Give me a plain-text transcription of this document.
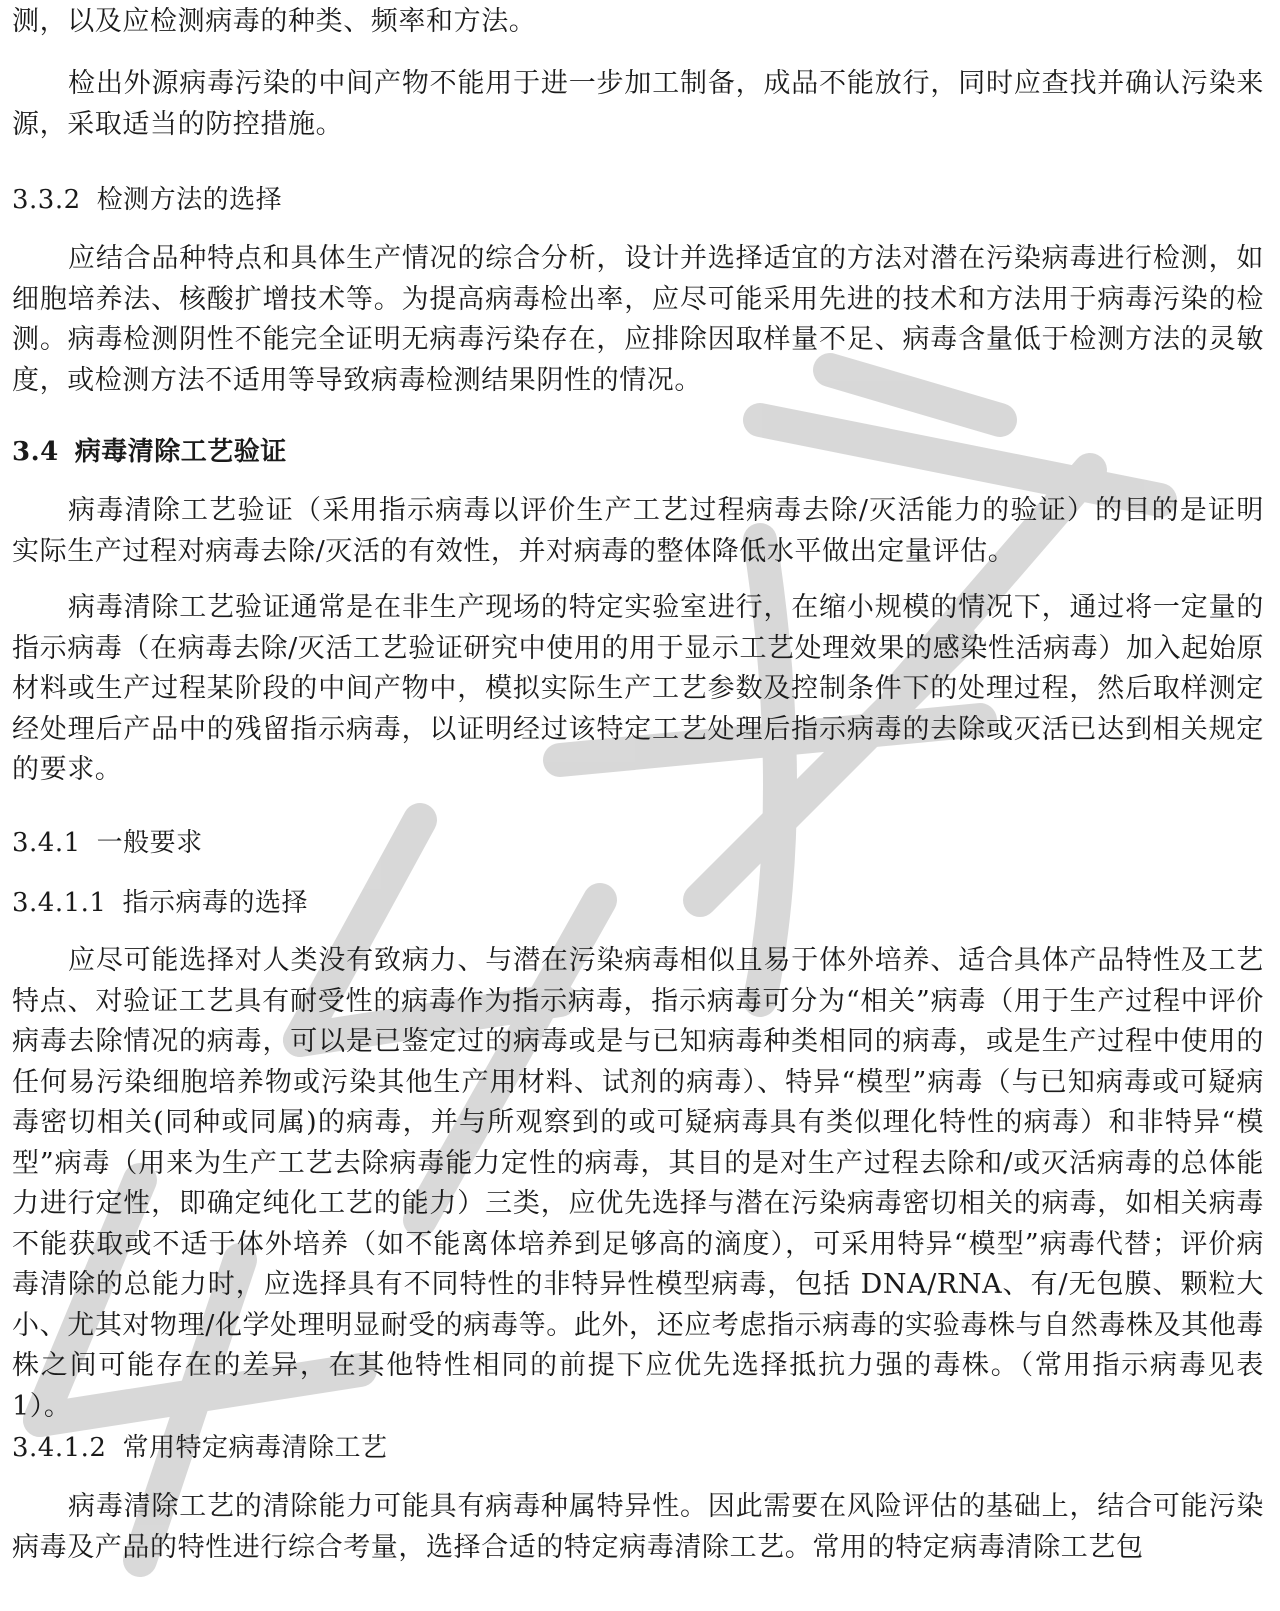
测，以及应检测病毒的种类、频率和方法。

检出外源病毒污染的中间产物不能用于进一步加工制备，成品不能放行，同时应查找并确认污染来源，采取适当的防控措施。

3.3.2 检测方法的选择

应结合品种特点和具体生产情况的综合分析，设计并选择适宜的方法对潜在污染病毒进行检测，如细胞培养法、核酸扩增技术等。为提高病毒检出率，应尽可能采用先进的技术和方法用于病毒污染的检测。病毒检测阴性不能完全证明无病毒污染存在，应排除因取样量不足、病毒含量低于检测方法的灵敏度，或检测方法不适用等导致病毒检测结果阴性的情况。

3.4 病毒清除工艺验证

病毒清除工艺验证（采用指示病毒以评价生产工艺过程病毒去除/灭活能力的验证）的目的是证明实际生产过程对病毒去除/灭活的有效性，并对病毒的整体降低水平做出定量评估。

病毒清除工艺验证通常是在非生产现场的特定实验室进行，在缩小规模的情况下，通过将一定量的指示病毒（在病毒去除/灭活工艺验证研究中使用的用于显示工艺处理效果的感染性活病毒）加入起始原材料或生产过程某阶段的中间产物中，模拟实际生产工艺参数及控制条件下的处理过程，然后取样测定经处理后产品中的残留指示病毒，以证明经过该特定工艺处理后指示病毒的去除或灭活已达到相关规定的要求。

3.4.1 一般要求
3.4.1.1 指示病毒的选择

应尽可能选择对人类没有致病力、与潜在污染病毒相似且易于体外培养、适合具体产品特性及工艺特点、对验证工艺具有耐受性的病毒作为指示病毒，指示病毒可分为“相关”病毒（用于生产过程中评价病毒去除情况的病毒，可以是已鉴定过的病毒或是与已知病毒种类相同的病毒，或是生产过程中使用的任何易污染细胞培养物或污染其他生产用材料、试剂的病毒）、特异“模型”病毒（与已知病毒或可疑病毒密切相关(同种或同属)的病毒，并与所观察到的或可疑病毒具有类似理化特性的病毒）和非特异“模型”病毒（用来为生产工艺去除病毒能力定性的病毒，其目的是对生产过程去除和/或灭活病毒的总体能力进行定性，即确定纯化工艺的能力）三类，应优先选择与潜在污染病毒密切相关的病毒，如相关病毒不能获取或不适于体外培养（如不能离体培养到足够高的滴度），可采用特异“模型”病毒代替；评价病毒清除的总能力时，应选择具有不同特性的非特异性模型病毒，包括 DNA/RNA、有/无包膜、颗粒大小、尤其对物理/化学处理明显耐受的病毒等。此外，还应考虑指示病毒的实验毒株与自然毒株及其他毒株之间可能存在的差异，在其他特性相同的前提下应优先选择抵抗力强的毒株。（常用指示病毒见表 1）。

3.4.1.2 常用特定病毒清除工艺

病毒清除工艺的清除能力可能具有病毒种属特异性。因此需要在风险评估的基础上，结合可能污染病毒及产品的特性进行综合考量，选择合适的特定病毒清除工艺。常用的特定病毒清除工艺包
